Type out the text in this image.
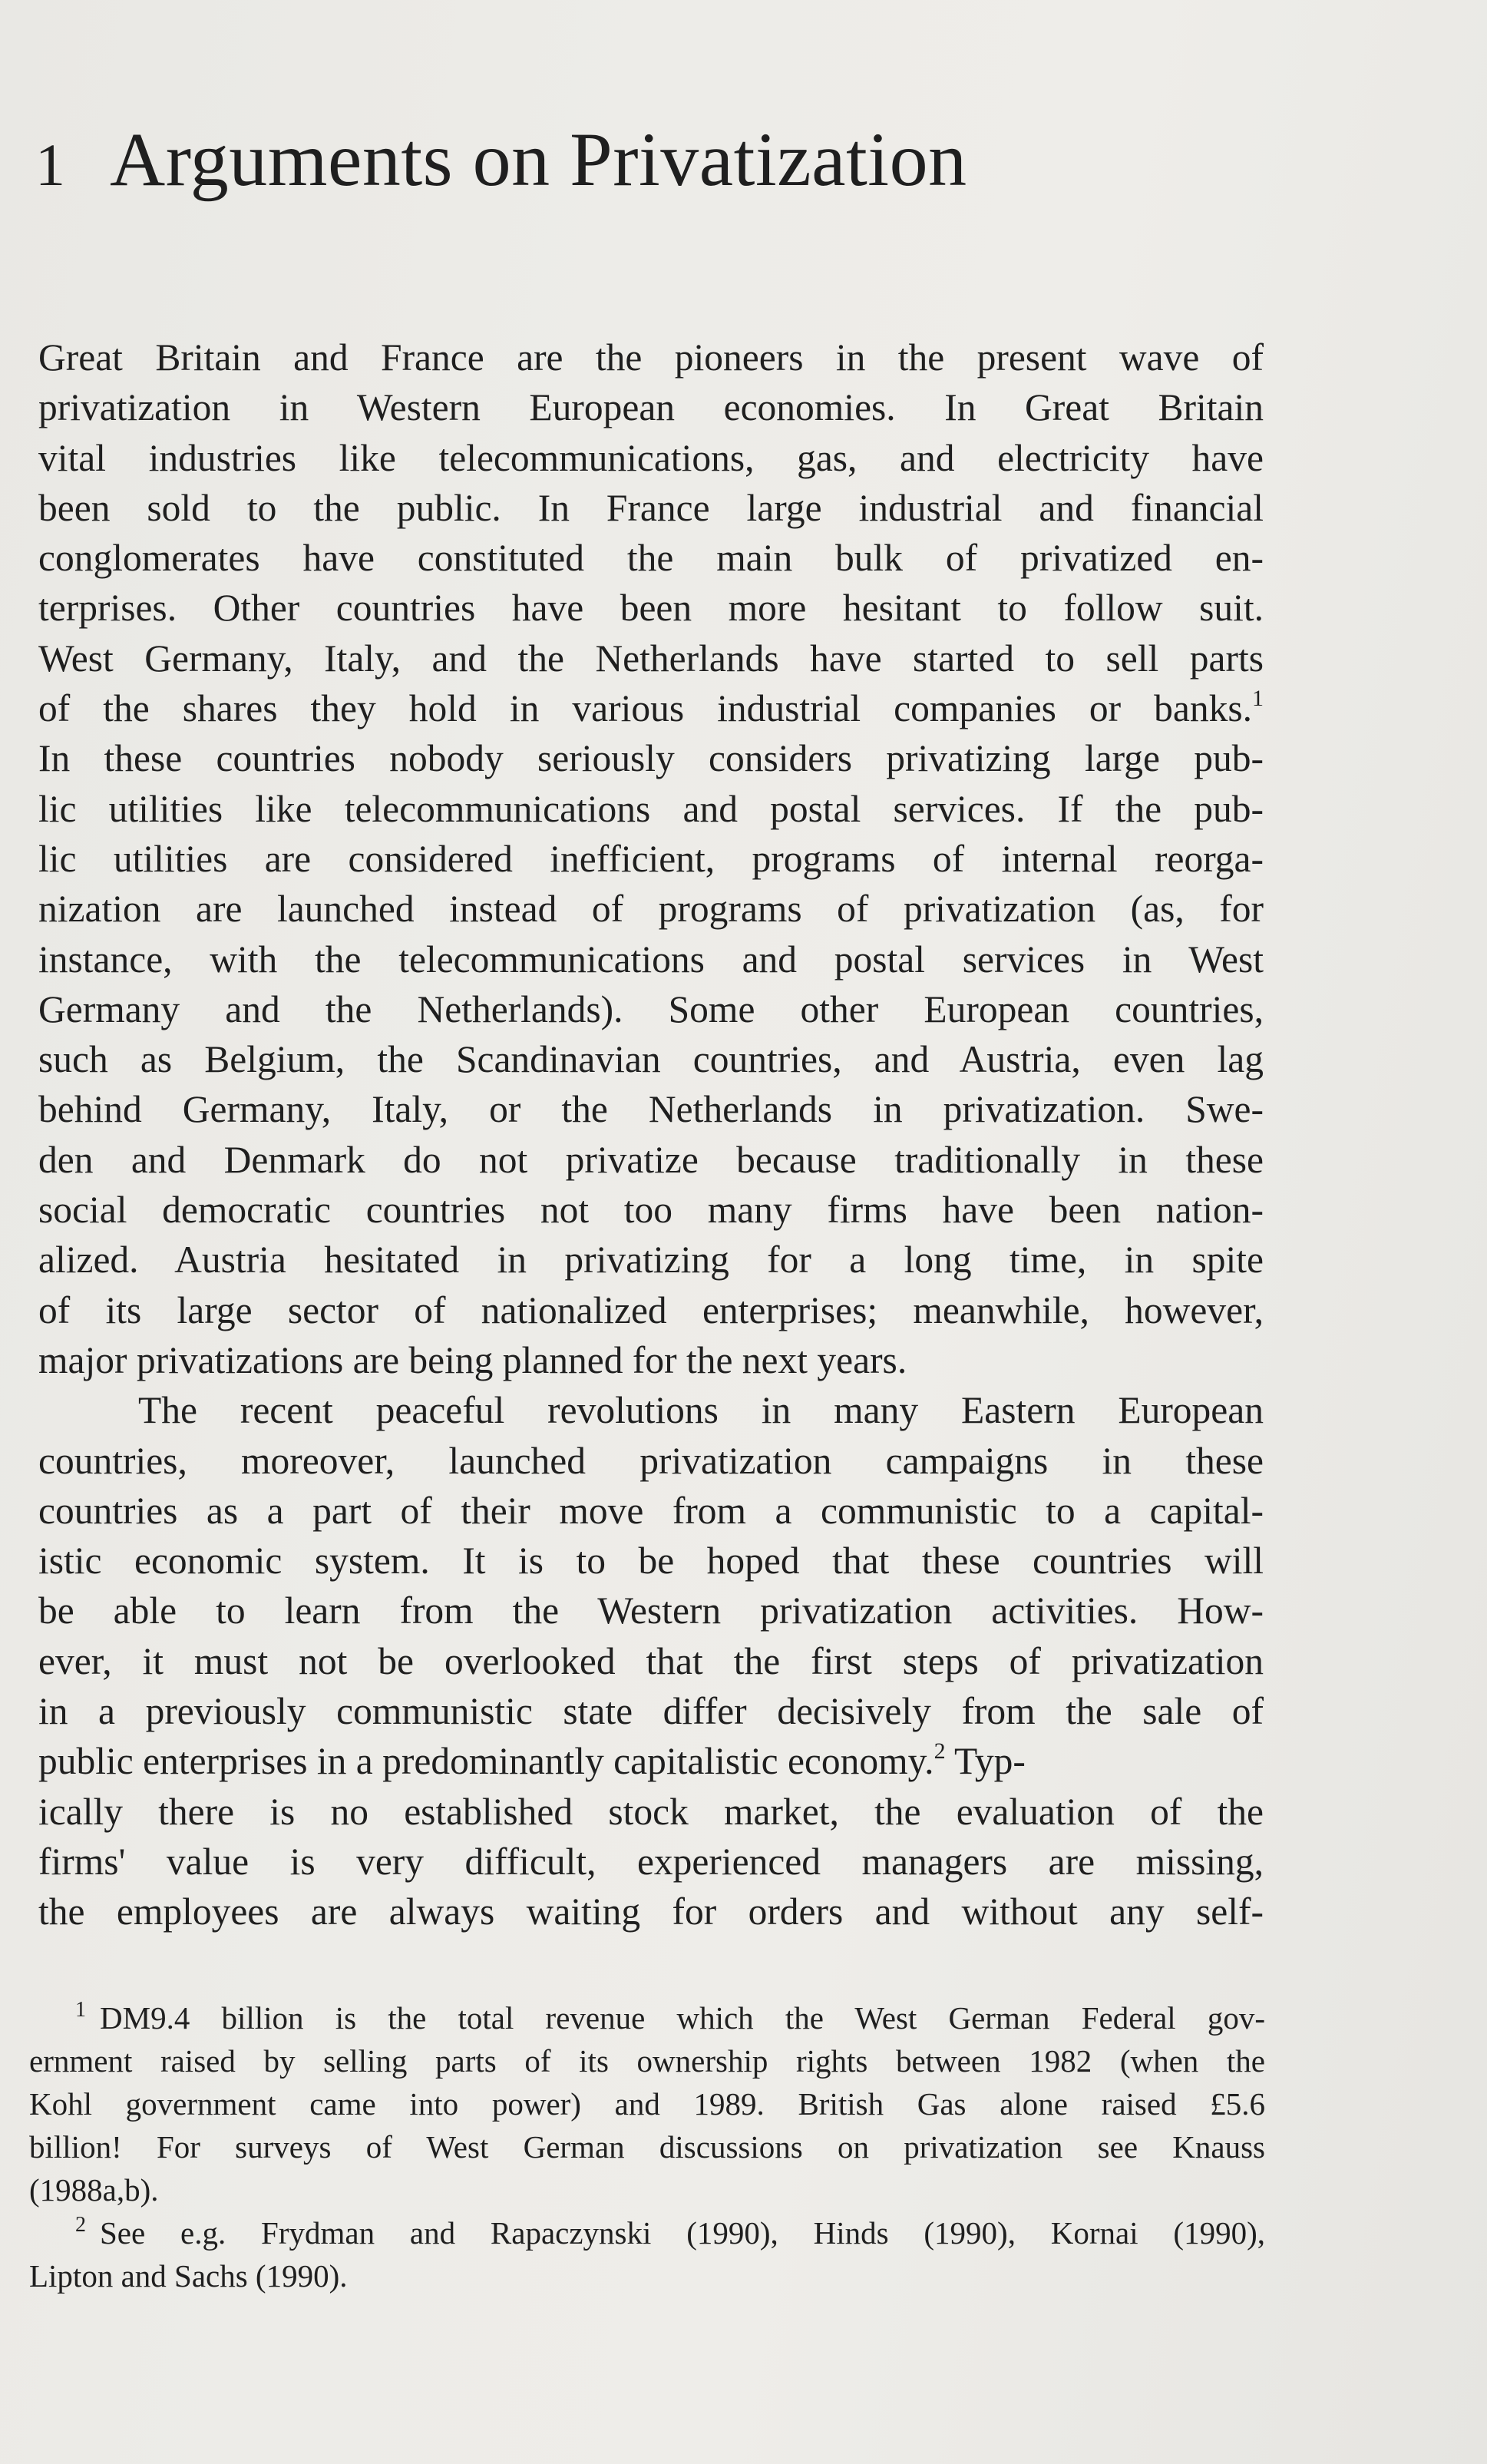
1 Arguments on Privatization
Great Britain and France are the pioneers in the present wave of
privatization in Western European economies. In Great Britain
vital industries like telecommunications, gas, and electricity have
been sold to the public. In France large industrial and financial
conglomerates have constituted the main bulk of privatized en-
terprises. Other countries have been more hesitant to follow suit.
West Germany, Italy, and the Netherlands have started to sell parts
of the shares they hold in various industrial companies or banks.$^1$
In these countries nobody seriously considers privatizing large pub-
lic utilities like telecommunications and postal services. If the pub-
lic utilities are considered inefficient, programs of internal reorga-
nization are launched instead of programs of privatization (as, for
instance, with the telecommunications and postal services in West
Germany and the Netherlands). Some other European countries,
such as Belgium, the Scandinavian countries, and Austria, even lag
behind Germany, Italy, or the Netherlands in privatization. Swe-
den and Denmark do not privatize because traditionally in these
social democratic countries not too many firms have been nation-
alized. Austria hesitated in privatizing for a long time, in spite
of its large sector of nationalized enterprises; meanwhile, however,
major privatizations are being planned for the next years.
The recent peaceful revolutions in many Eastern European
countries, moreover, launched privatization campaigns in these
countries as a part of their move from a communistic to a capital-
istic economic system. It is to be hoped that these countries will
be able to learn from the Western privatization activities. How-
ever, it must not be overlooked that the first steps of privatization
in a previously communistic state differ decisively from the sale of
public enterprises in a predominantly capitalistic economy.$^2$ Typ-
ically there is no established stock market, the evaluation of the
firms' value is very difficult, experienced managers are missing,
the employees are always waiting for orders and without any self-
$^1$ DM9.4 billion is the total revenue which the West German Federal gov-
ernment raised by selling parts of its ownership rights between 1982 (when the
Kohl government came into power) and 1989. British Gas alone raised £5.6
billion! For surveys of West German discussions on privatization see Knauss
(1988a,b).
$^2$ See e.g. Frydman and Rapaczynski (1990), Hinds (1990), Kornai (1990),
Lipton and Sachs (1990).
